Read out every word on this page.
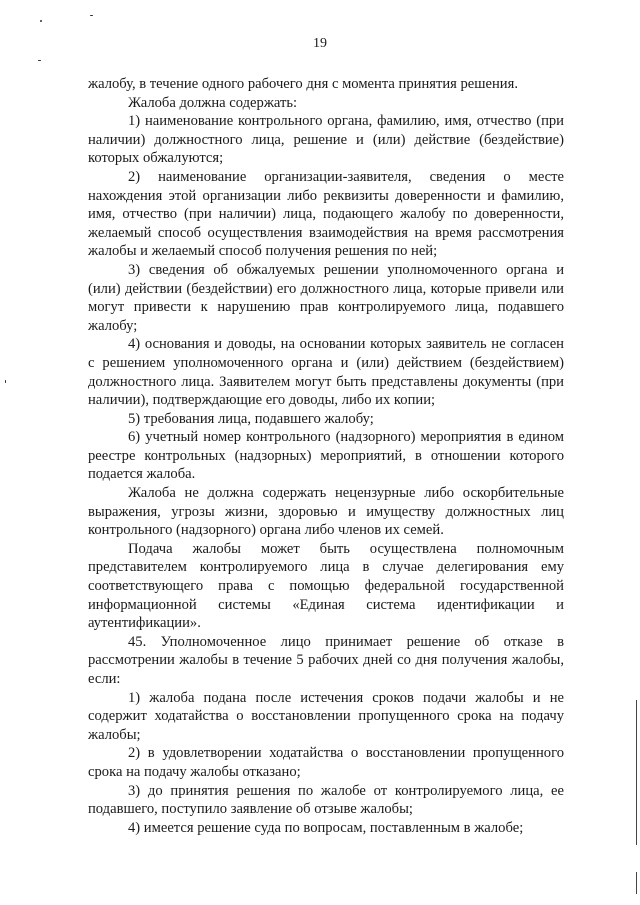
19

жалобу, в течение одного рабочего дня с момента принятия решения.

Жалоба должна содержать:

1) наименование контрольного органа, фамилию, имя, отчество (при наличии) должностного лица, решение и (или) действие (бездействие) которых обжалуются;

2) наименование организации-заявителя, сведения о месте нахождения этой организации либо реквизиты доверенности и фамилию, имя, отчество (при наличии) лица, подающего жалобу по доверенности, желаемый способ осуществления взаимодействия на время рассмотрения жалобы и желаемый способ получения решения по ней;

3) сведения об обжалуемых решении уполномоченного органа и (или) действии (бездействии) его должностного лица, которые привели или могут привести к нарушению прав контролируемого лица, подавшего жалобу;

4) основания и доводы, на основании которых заявитель не согласен с решением уполномоченного органа и (или) действием (бездействием) должностного лица. Заявителем могут быть представлены документы (при наличии), подтверждающие его доводы, либо их копии;

5) требования лица, подавшего жалобу;

6) учетный номер контрольного (надзорного) мероприятия в едином реестре контрольных (надзорных) мероприятий, в отношении которого подается жалоба.

Жалоба не должна содержать нецензурные либо оскорбительные выражения, угрозы жизни, здоровью и имуществу должностных лиц контрольного (надзорного) органа либо членов их семей.

Подача жалобы может быть осуществлена полномочным представителем контролируемого лица в случае делегирования ему соответствующего права с помощью федеральной государственной информационной системы «Единая система идентификации и аутентификации».

45. Уполномоченное лицо принимает решение об отказе в рассмотрении жалобы в течение 5 рабочих дней со дня получения жалобы, если:

1) жалоба подана после истечения сроков подачи жалобы и не содержит ходатайства о восстановлении пропущенного срока на подачу жалобы;

2) в удовлетворении ходатайства о восстановлении пропущенного срока на подачу жалобы отказано;

3) до принятия решения по жалобе от контролируемого лица, ее подавшего, поступило заявление об отзыве жалобы;

4) имеется решение суда по вопросам, поставленным в жалобе;
